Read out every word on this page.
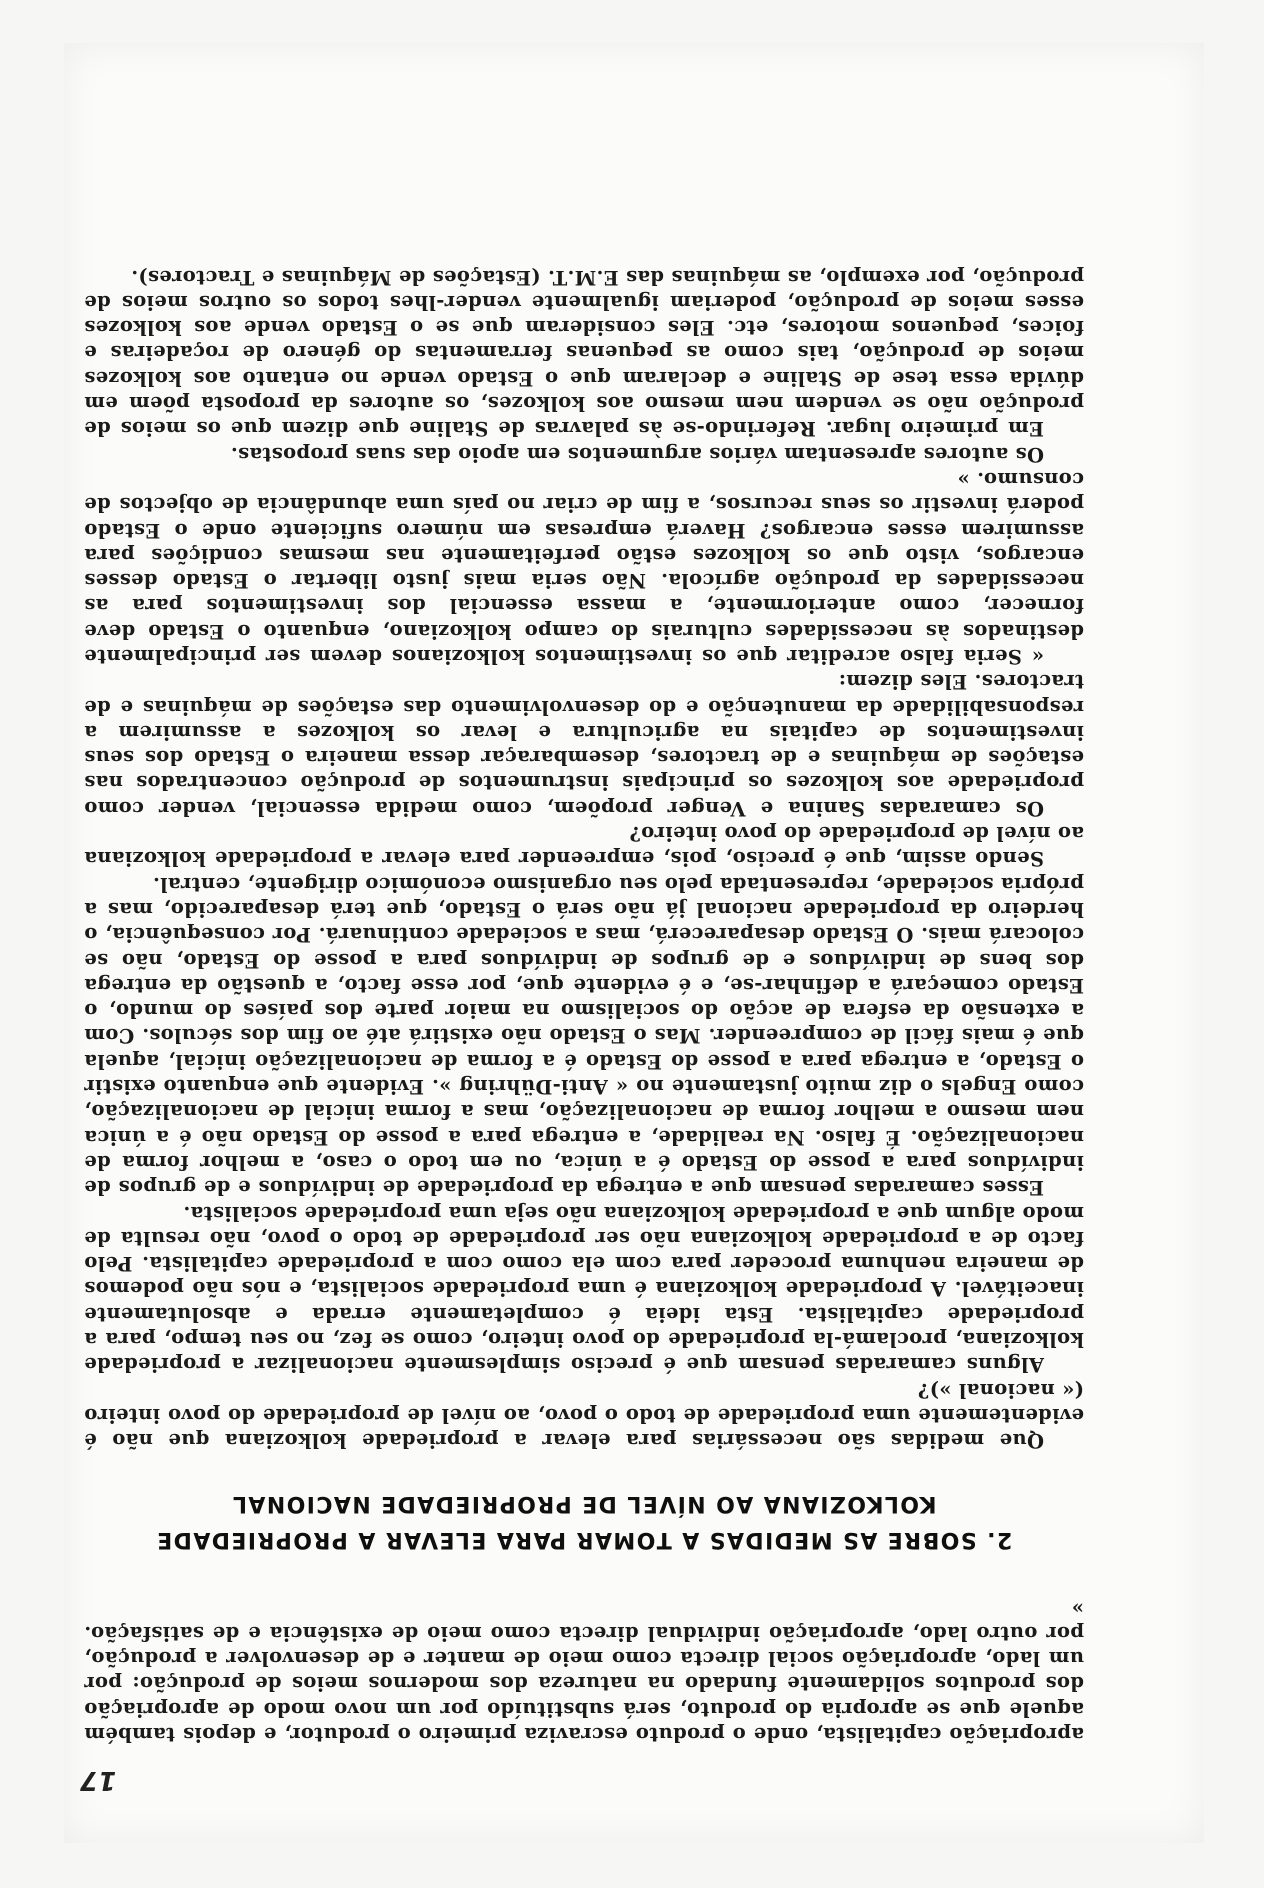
17

apropriação capitalista, onde o produto escraviza primeiro o produtor, e depois também aquele que se apropria do produto, será substituído por um novo modo de apropriação dos produtos solidamente fundado na natureza dos modernos meios de produção: por um lado, apropriação social directa como meio de manter e de desenvolver a produção, por outro lado, apropriação individual directa como meio de existência e de satisfação. »

2. SOBRE AS MEDIDAS A TOMAR PARA ELEVAR A PROPRIEDADE
KOLKOZIANA AO NÍVEL DE PROPRIEDADE NACIONAL

Que medidas são necessárias para elevar a propriedade kolkoziana que não é evidentemente uma propriedade de todo o povo, ao nível de propriedade do povo inteiro (« nacional »)?

Alguns camaradas pensam que é preciso simplesmente nacionalizar a propriedade kolkoziana, proclamá-la propriedade do povo inteiro, como se fez, no seu tempo, para a propriedade capitalista. Esta ideia é completamente errada e absolutamente inaceitável. A propriedade kolkoziana é uma propriedade socialista, e nós não podemos de maneira nenhuma proceder para com ela como com a propriedade capitalista. Pelo facto de a propriedade kolkoziana não ser propriedade de todo o povo, não resulta de modo algum que a propriedade kolkoziana não seja uma propriedade socialista.

Esses camaradas pensam que a entrega da propriedade de indivíduos e de grupos de indivíduos para a posse do Estado é a única, ou em todo o caso, a melhor forma de nacionalização. É falso. Na realidade, a entrega para a posse do Estado não é a única nem mesmo a melhor forma de nacionalização, mas a forma inicial de nacionalização, como Engels o diz muito justamente no « Anti-Dühring ». Evidente que enquanto existir o Estado, a entrega para a posse do Estado é a forma de nacionalização inicial, aquela que é mais fácil de compreender. Mas o Estado não existirá até ao fim dos séculos. Com a extensão da esfera de acção do socialismo na maior parte dos países do mundo, o Estado começará a definhar-se, e é evidente que, por esse facto, a questão da entrega dos bens de indivíduos e de grupos de indivíduos para a posse do Estado, não se colocará mais. O Estado desaparecerá, mas a sociedade continuará. Por consequência, o herdeiro da propriedade nacional já não será o Estado, que terá desaparecido, mas a própria sociedade, representada pelo seu organismo económico dirigente, central.

Sendo assim, que é preciso, pois, empreender para elevar a propriedade kolkoziana ao nível de propriedade do povo inteiro?

Os camaradas Sanina e Venger propõem, como medida essencial, vender como propriedade aos kolkozes os principais instrumentos de produção concentrados nas estações de máquinas e de tractores, desembaraçar dessa maneira o Estado dos seus investimentos de capitais na agricultura e levar os kolkozes a assumirem a responsabilidade da manutenção e do desenvolvimento das estações de máquinas e de tractores. Eles dizem:

« Seria falso acreditar que os investimentos kolkozianos devem ser principalmente destinados às necessidades culturais do campo kolkoziano, enquanto o Estado deve fornecer, como anteriormente, a massa essencial dos investimentos para as necessidades da produção agrícola. Não seria mais justo libertar o Estado desses encargos, visto que os kolkozes estão perfeitamente nas mesmas condições para assumirem esses encargos? Haverá empresas em número suficiente onde o Estado poderá investir os seus recursos, a fim de criar no país uma abundância de objectos de consumo. »

Os autores apresentam vários argumentos em apoio das suas propostas.

Em primeiro lugar. Referindo-se às palavras de Staline que dizem que os meios de produção não se vendem nem mesmo aos kolkozes, os autores da proposta põem em dúvida essa tese de Staline e declaram que o Estado vende no entanto aos kolkozes meios de produção, tais como as pequenas ferramentas do género de roçadeiras e foices, pequenos motores, etc. Eles consideram que se o Estado vende aos kolkozes esses meios de produção, poderiam igualmente vender-lhes todos os outros meios de produção, por exemplo, as máquinas das E.M.T. (Estações de Máquinas e Tractores).
